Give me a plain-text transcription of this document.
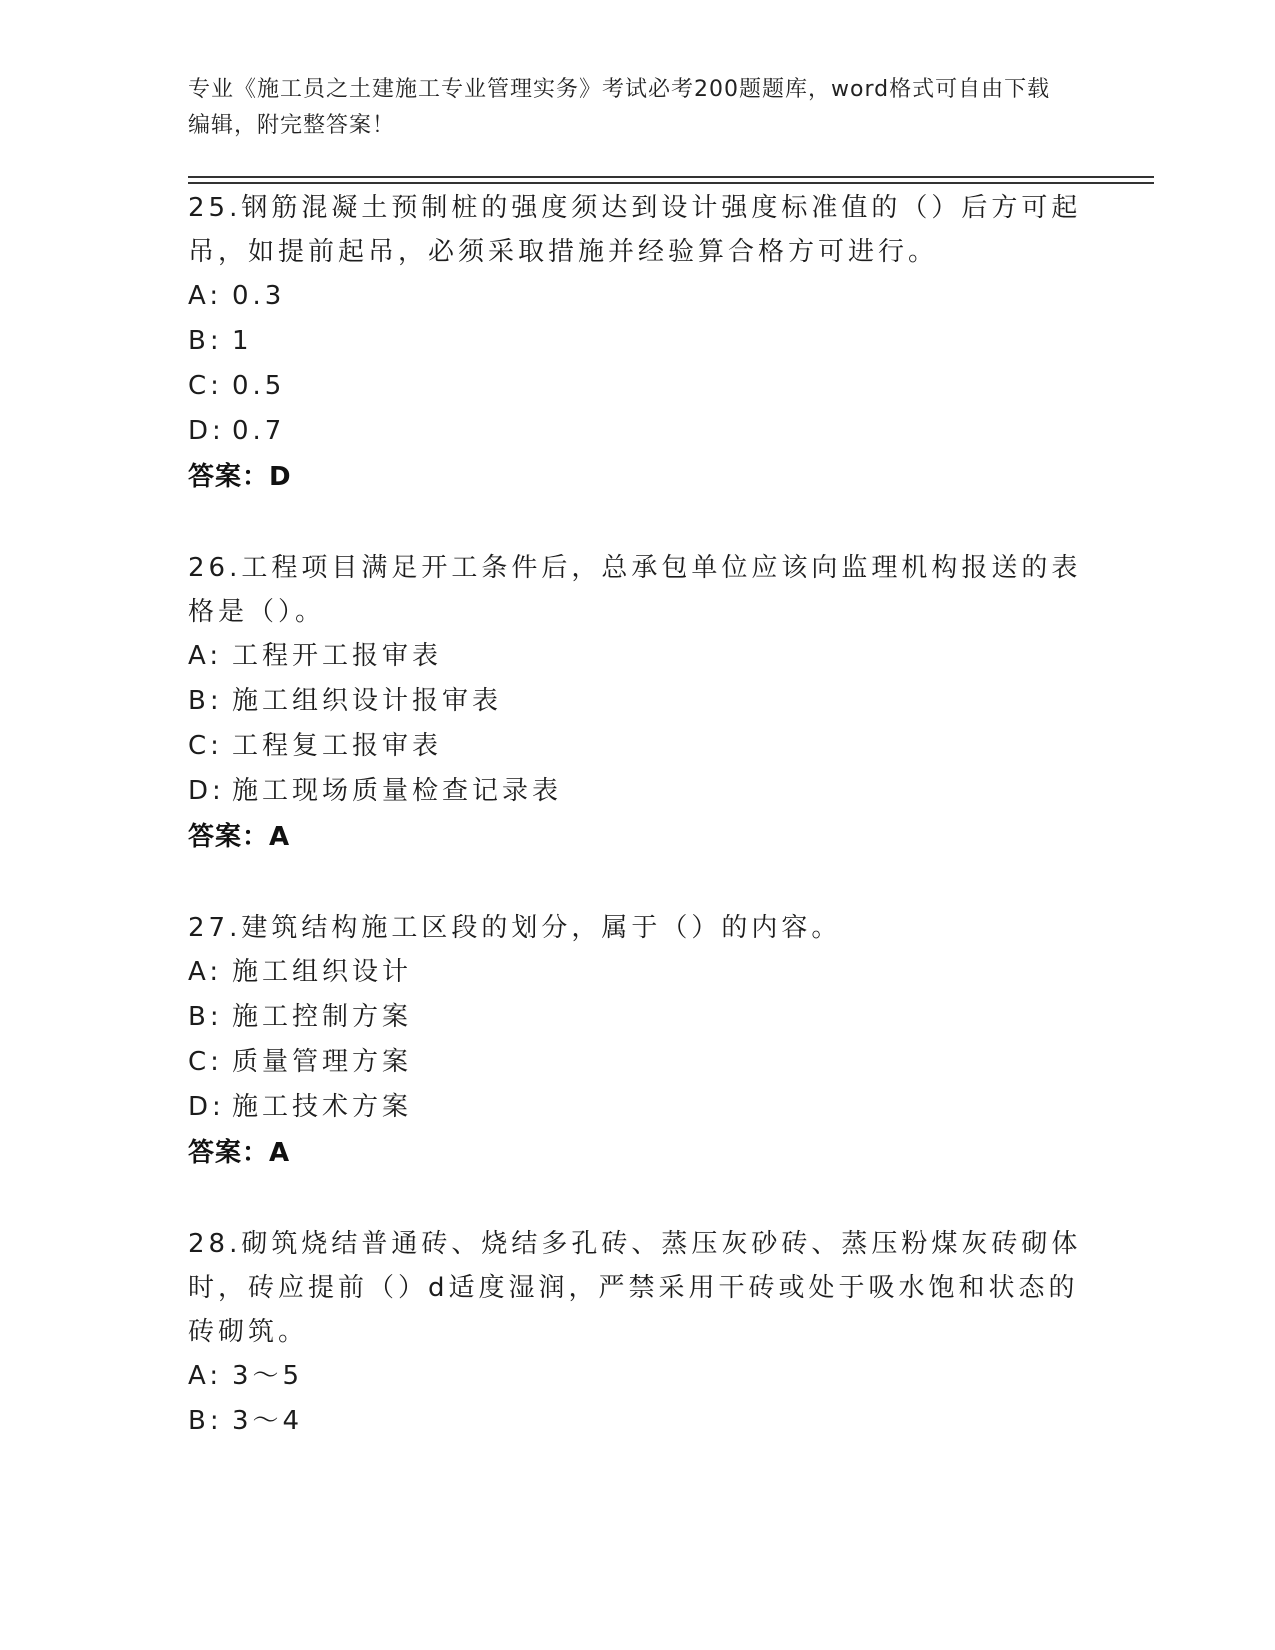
专业《施工员之土建施工专业管理实务》考试必考200题题库，word格式可自由下载编辑，附完整答案！

25.钢筋混凝土预制桩的强度须达到设计强度标准值的（）后方可起吊，如提前起吊，必须采取措施并经验算合格方可进行。

A: 0.3

B: 1

C: 0.5

D: 0.7

答案：D

26.工程项目满足开工条件后，总承包单位应该向监理机构报送的表格是（）。

A: 工程开工报审表

B: 施工组织设计报审表

C: 工程复工报审表

D: 施工现场质量检查记录表

答案：A

27.建筑结构施工区段的划分，属于（）的内容。

A: 施工组织设计

B: 施工控制方案

C: 质量管理方案

D: 施工技术方案

答案：A

28.砌筑烧结普通砖、烧结多孔砖、蒸压灰砂砖、蒸压粉煤灰砖砌体时，砖应提前（）d适度湿润，严禁采用干砖或处于吸水饱和状态的砖砌筑。

A: 3～5

B: 3～4
